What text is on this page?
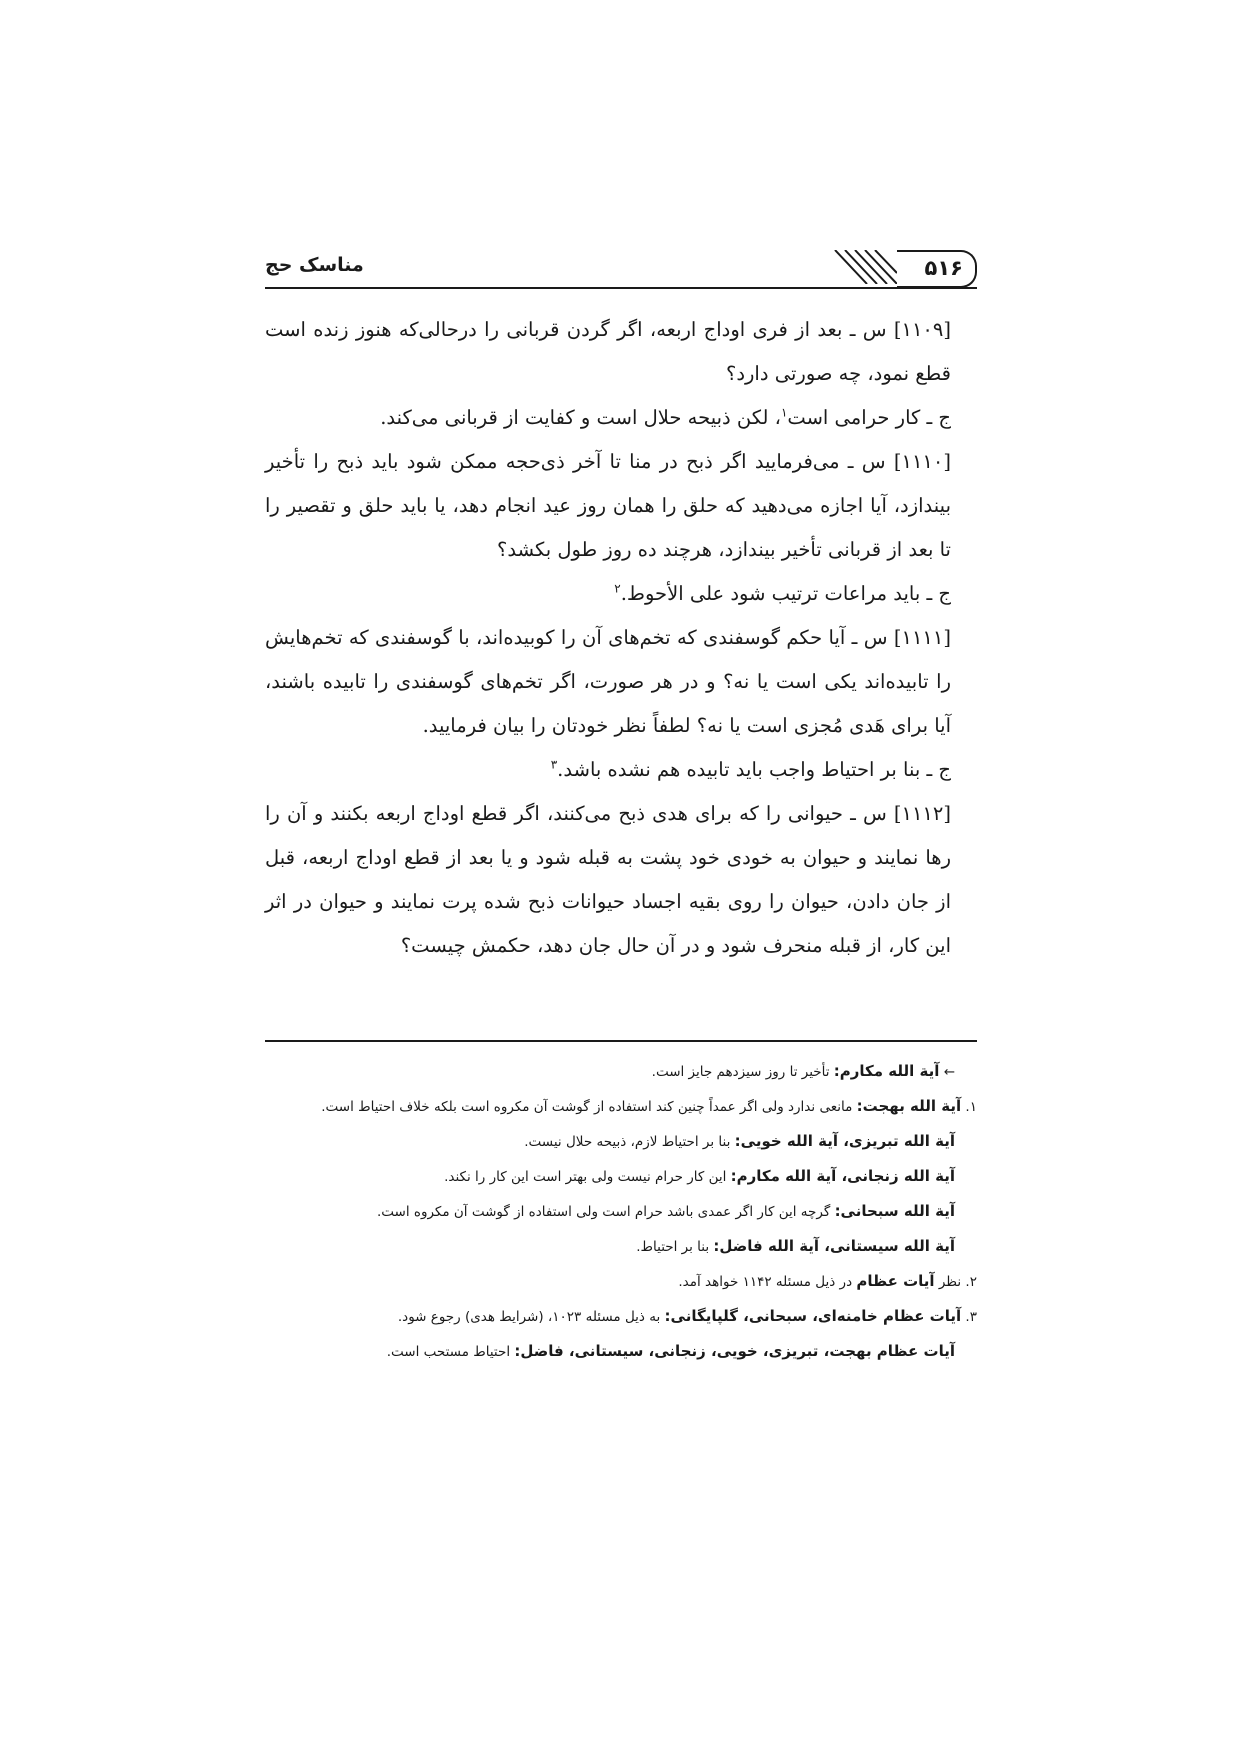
۵۱۶
مناسک حج

[۱۱۰۹] س ـ بعد از فری اوداج اربعه، اگر گردن قربانی را درحالی‌که هنوز زنده است قطع نمود، چه صورتی دارد؟

ج ـ کار حرامی است$^۱$، لکن ذبیحه حلال است و کفایت از قربانی می‌کند.

[۱۱۱۰] س ـ می‌فرمایید اگر ذبح در منا تا آخر ذی‌حجه ممکن شود باید ذبح را تأخیر بیندازد، آیا اجازه می‌دهید که حلق را همان روز عید انجام دهد، یا باید حلق و تقصیر را تا بعد از قربانی تأخیر بیندازد، هرچند ده روز طول بکشد؟

ج ـ باید مراعات ترتیب شود علی الأحوط.$^۲$

[۱۱۱۱] س ـ آیا حکم گوسفندی که تخم‌های آن را کوبیده‌اند، با گوسفندی که تخم‌هایش را تابیده‌اند یکی است یا نه؟ و در هر صورت، اگر تخم‌های گوسفندی را تابیده باشند، آیا برای هَدی مُجزی است یا نه؟ لطفاً نظر خودتان را بیان فرمایید.

ج ـ بنا بر احتیاط واجب باید تابیده هم نشده باشد.$^۳$

[۱۱۱۲] س ـ حیوانی را که برای هدی ذبح می‌کنند، اگر قطع اوداج اربعه بکنند و آن را رها نمایند و حیوان به خودی خود پشت به قبله شود و یا بعد از قطع اوداج اربعه، قبل از جان دادن، حیوان را روی بقیه اجساد حیوانات ذبح شده پرت نمایند و حیوان در اثر این کار، از قبله منحرف شود و در آن حال جان دهد، حکمش چیست؟

← آیة الله مکارم: تأخیر تا روز سیزدهم جایز است.

۱. آیة الله بهجت: مانعی ندارد ولی اگر عمداً چنین کند استفاده از گوشت آن مکروه است بلکه خلاف احتیاط است.

آیة الله تبریزی، آیة الله خویی: بنا بر احتیاط لازم، ذبیحه حلال نیست.

آیة الله زنجانی، آیة الله مکارم: این کار حرام نیست ولی بهتر است این کار را نکند.

آیة الله سبحانی: گرچه این کار اگر عمدی باشد حرام است ولی استفاده از گوشت آن مکروه است.

آیة الله سیستانی، آیة الله فاضل: بنا بر احتیاط.

۲. نظر آیات عظام در ذیل مسئله ۱۱۴۲ خواهد آمد.

۳. آیات عظام خامنه‌ای، سبحانی، گلپایگانی: به ذیل مسئله ۱۰۲۳، (شرایط هدی) رجوع شود.

آیات عظام بهجت، تبریزی، خویی، زنجانی، سیستانی، فاضل: احتیاط مستحب است.
